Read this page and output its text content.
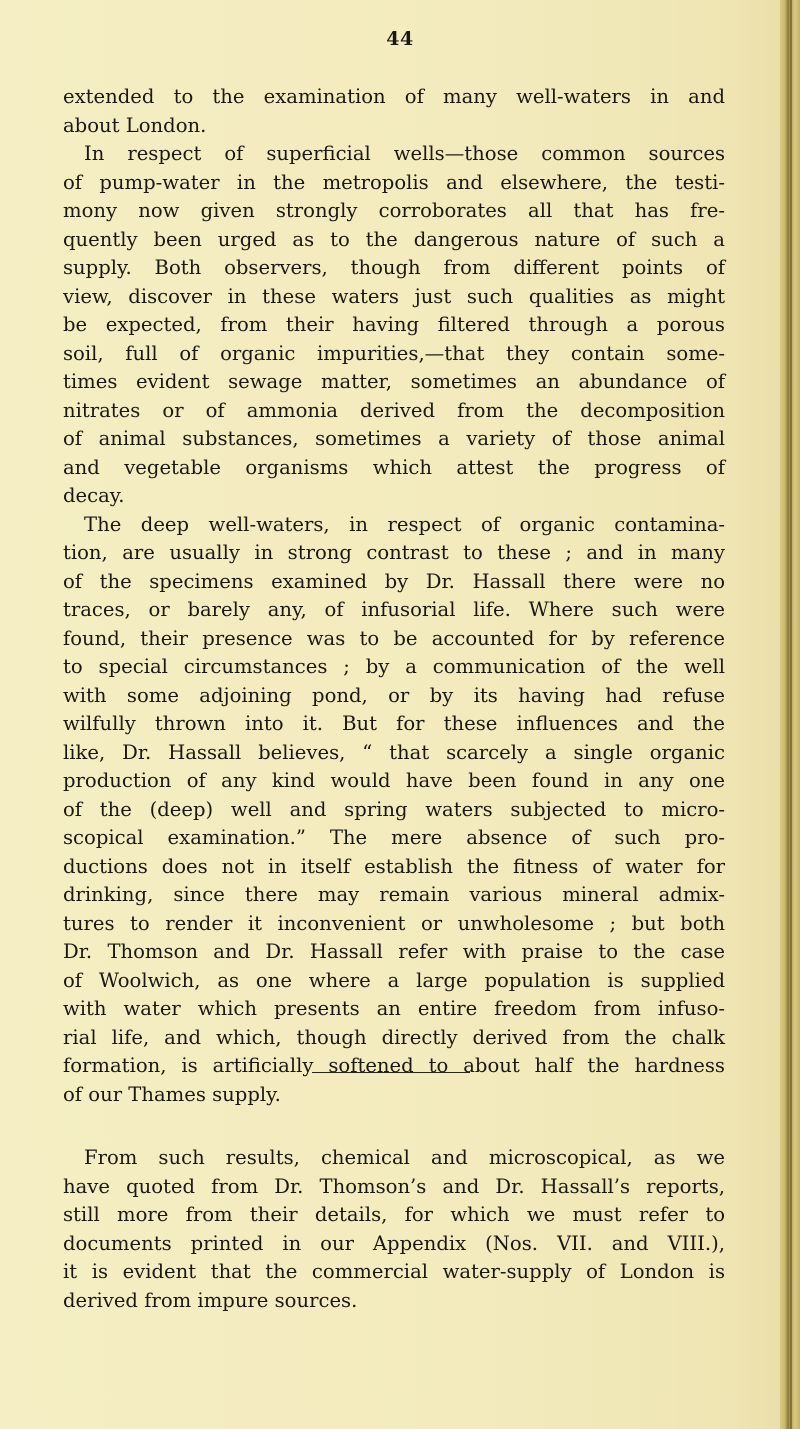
44
extended to the examination of many well-waters in and
about London.
In respect of superficial wells—those common sources
of pump-water in the metropolis and elsewhere, the testi-
mony now given strongly corroborates all that has fre-
quently been urged as to the dangerous nature of such a
supply. Both observers, though from different points of
view, discover in these waters just such qualities as might
be expected, from their having filtered through a porous
soil, full of organic impurities,—that they contain some-
times evident sewage matter, sometimes an abundance of
nitrates or of ammonia derived from the decomposition
of animal substances, sometimes a variety of those animal
and vegetable organisms which attest the progress of
decay.
The deep well-waters, in respect of organic contamina-
tion, are usually in strong contrast to these ; and in many
of the specimens examined by Dr. Hassall there were no
traces, or barely any, of infusorial life. Where such were
found, their presence was to be accounted for by reference
to special circumstances ; by a communication of the well
with some adjoining pond, or by its having had refuse
wilfully thrown into it. But for these influences and the
like, Dr. Hassall believes, “ that scarcely a single organic
production of any kind would have been found in any one
of the (deep) well and spring waters subjected to micro-
scopical examination.” The mere absence of such pro-
ductions does not in itself establish the fitness of water for
drinking, since there may remain various mineral admix-
tures to render it inconvenient or unwholesome ; but both
Dr. Thomson and Dr. Hassall refer with praise to the case
of Woolwich, as one where a large population is supplied
with water which presents an entire freedom from infuso-
rial life, and which, though directly derived from the chalk
formation, is artificially softened to about half the hardness
of our Thames supply.
From such results, chemical and microscopical, as we
have quoted from Dr. Thomson’s and Dr. Hassall’s reports,
still more from their details, for which we must refer to
documents printed in our Appendix (Nos. VII. and VIII.),
it is evident that the commercial water-supply of London is
derived from impure sources.
